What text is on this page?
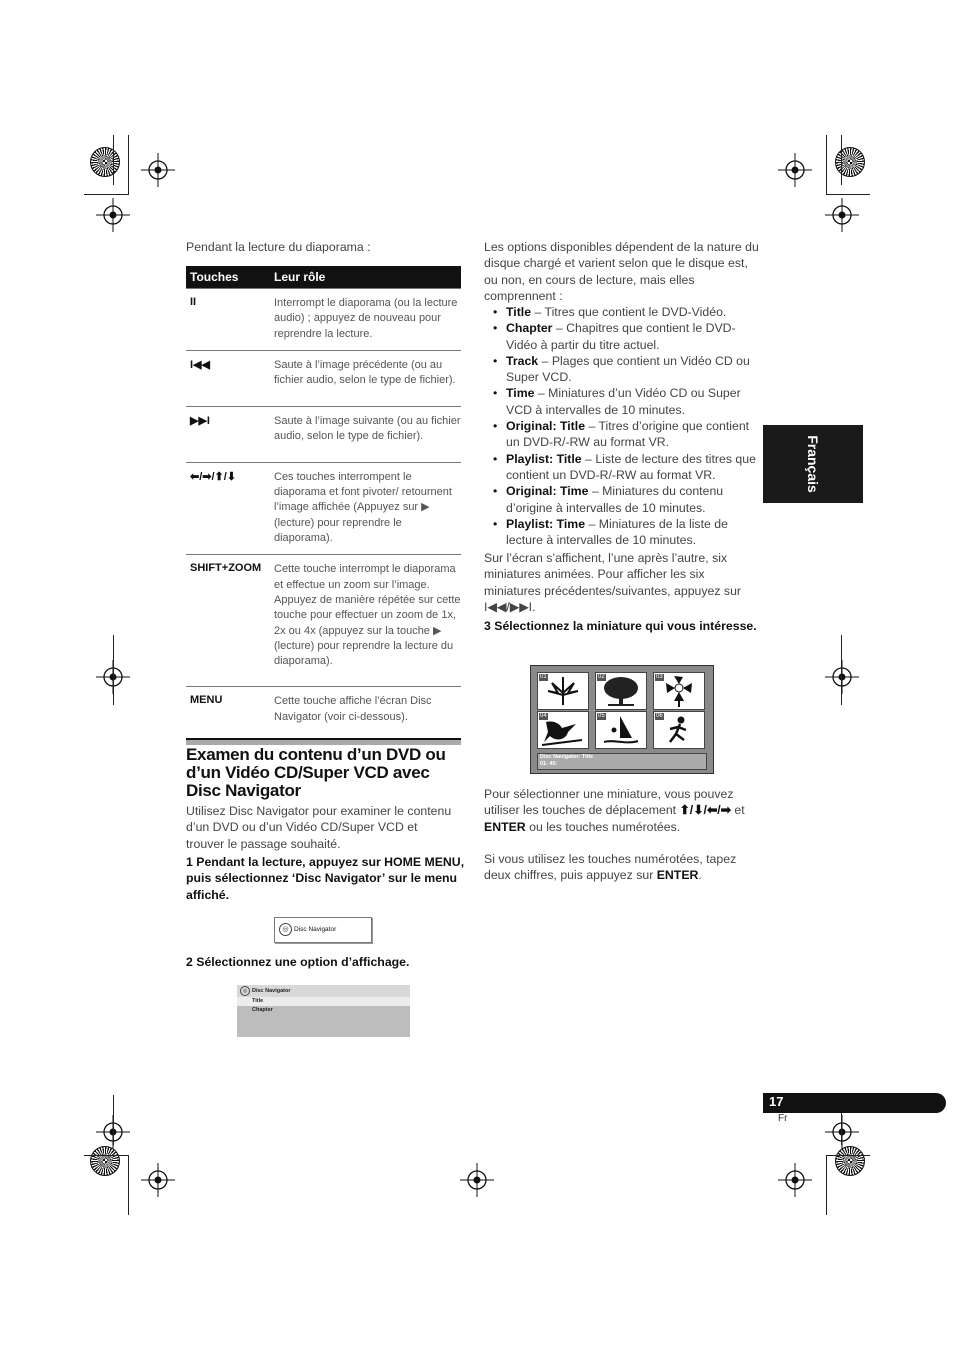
Pendant la lecture du diaporama :
Touches	Leur rôle
II	Interrompt le diaporama (ou la lecture audio) ; appuyez de nouveau pour reprendre la lecture.
I◀◀	Saute à l’image précédente (ou au fichier audio, selon le type de fichier).
▶▶I	Saute à l’image suivante (ou au fichier audio, selon le type de fichier).
⬅/➡/⬆/⬇	Ces touches interrompent le diaporama et font pivoter/ retournent l’image affichée (Appuyez sur ▶ (lecture) pour reprendre le diaporama).
SHIFT+ZOOM	Cette touche interrompt le diaporama et effectue un zoom sur l’image. Appuyez de manière répétée sur cette touche pour effectuer un zoom de 1x, 2x ou 4x (appuyez sur la touche ▶ (lecture) pour reprendre la lecture du diaporama).
MENU	Cette touche affiche l’écran Disc Navigator (voir ci-dessous).
Examen du contenu d’un DVD ou d’un Vidéo CD/Super VCD avec Disc Navigator
Utilisez Disc Navigator pour examiner le contenu d’un DVD ou d’un Vidéo CD/Super VCD et trouver le passage souhaité.
1 Pendant la lecture, appuyez sur HOME MENU, puis sélectionnez ‘Disc Navigator’ sur le menu affiché.
◎ Disc Navigator
2 Sélectionnez une option d’affichage.
◎ Disc Navigator
Title
Chapter
Les options disponibles dépendent de la nature du disque chargé et varient selon que le disque est, ou non, en cours de lecture, mais elles comprennent :
• Title – Titres que contient le DVD-Vidéo.
• Chapter – Chapitres que contient le DVD-Vidéo à partir du titre actuel.
• Track – Plages que contient un Vidéo CD ou Super VCD.
• Time – Miniatures d’un Vidéo CD ou Super VCD à intervalles de 10 minutes.
• Original: Title – Titres d’origine que contient un DVD-R/-RW au format VR.
• Playlist: Title – Liste de lecture des titres que contient un DVD-R/-RW au format VR.
• Original: Time – Miniatures du contenu d’origine à intervalles de 10 minutes.
• Playlist: Time – Miniatures de la liste de lecture à intervalles de 10 minutes.
Sur l’écran s’affichent, l’une après l’autre, six miniatures animées. Pour afficher les six miniatures précédentes/suivantes, appuyez sur I◀◀/▶▶I.
3 Sélectionnez la miniature qui vous intéresse.
01	02	03
04	05	06
Disc Navigator: Title
01- 45:
Pour sélectionner une miniature, vous pouvez utiliser les touches de déplacement ⬆/⬇/⬅/➡ et ENTER ou les touches numérotées.
Si vous utilisez les touches numérotées, tapez deux chiffres, puis appuyez sur ENTER.
Français
17
Fr
